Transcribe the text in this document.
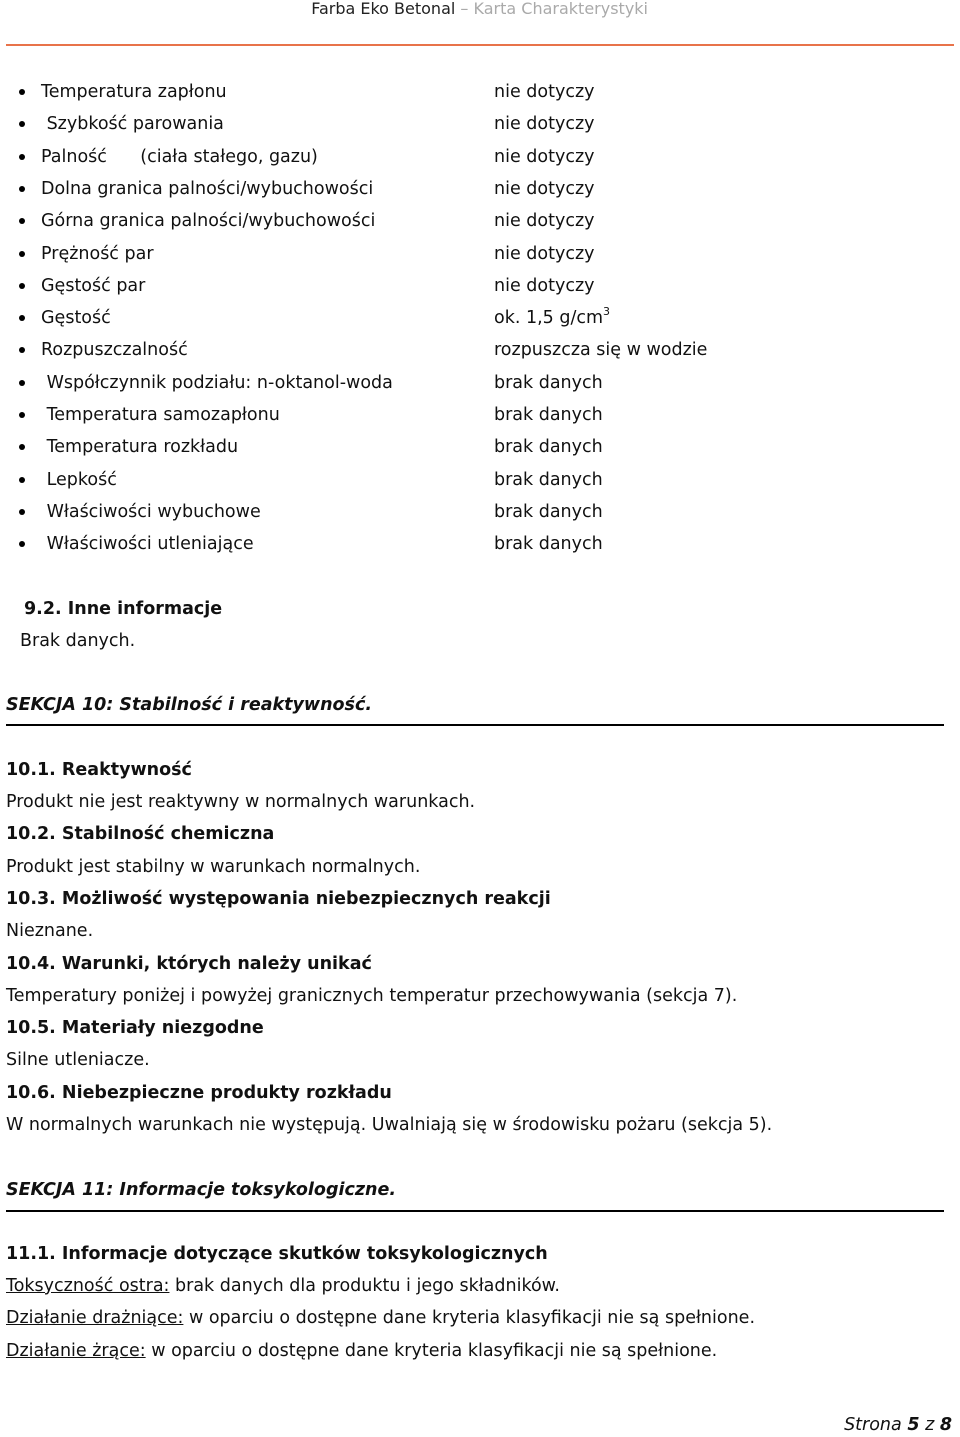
Farba Eko Betonal – Karta Charakterystyki
Temperatura zapłonu	nie dotyczy
Szybkość parowania	nie dotyczy
Palność      (ciała stałego, gazu)	nie dotyczy
Dolna granica palności/wybuchowości	nie dotyczy
Górna granica palności/wybuchowości	nie dotyczy
Prężność par	nie dotyczy
Gęstość par	nie dotyczy
Gęstość	ok. 1,5 $g/cm^3$
Rozpuszczalność	rozpuszcza się w wodzie
Współczynnik podziału: n-oktanol-woda	brak danych
Temperatura samozapłonu	brak danych
Temperatura rozkładu	brak danych
Lepkość	brak danych
Właściwości wybuchowe	brak danych
Właściwości utleniające	brak danych
9.2. Inne informacje
Brak danych.
SEKCJA 10: Stabilność i reaktywność.
10.1. Reaktywność
Produkt nie jest reaktywny w normalnych warunkach.
10.2. Stabilność chemiczna
Produkt jest stabilny w warunkach normalnych.
10.3. Możliwość występowania niebezpiecznych reakcji
Nieznane.
10.4. Warunki, których należy unikać
Temperatury poniżej i powyżej granicznych temperatur przechowywania (sekcja 7).
10.5. Materiały niezgodne
Silne utleniacze.
10.6. Niebezpieczne produkty rozkładu
W normalnych warunkach nie występują. Uwalniają się w środowisku pożaru (sekcja 5).
SEKCJA 11: Informacje toksykologiczne.
11.1. Informacje dotyczące skutków toksykologicznych
Toksyczność ostra: brak danych dla produktu i jego składników.
Działanie drażniące: w oparciu o dostępne dane kryteria klasyfikacji nie są spełnione.
Działanie żrące: w oparciu o dostępne dane kryteria klasyfikacji nie są spełnione.
Strona 5 z 8
